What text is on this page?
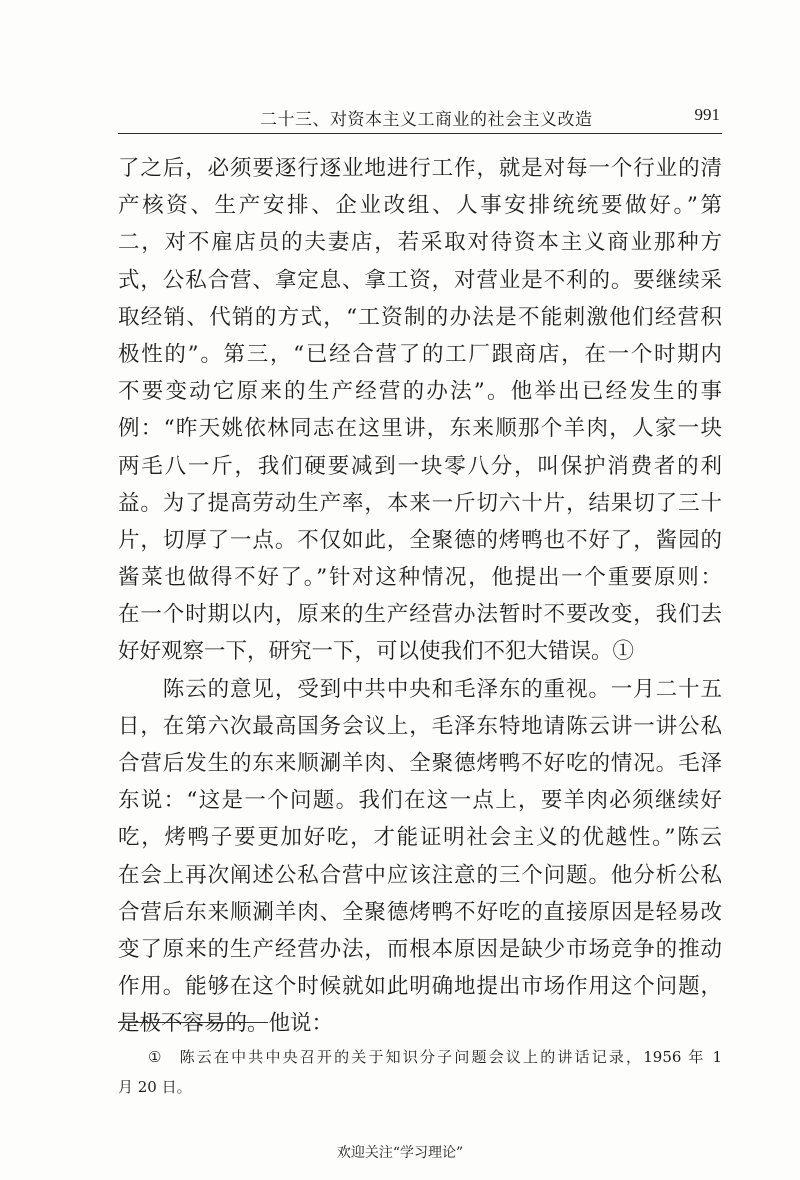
二十三、对资本主义工商业的社会主义改造	991
了之后，必须要逐行逐业地进行工作，就是对每一个行业的清
产核资、生产安排、企业改组、人事安排统统要做好。”第
二，对不雇店员的夫妻店，若采取对待资本主义商业那种方
式，公私合营、拿定息、拿工资，对营业是不利的。要继续采
取经销、代销的方式，“工资制的办法是不能刺激他们经营积
极性的”。第三，“已经合营了的工厂跟商店，在一个时期内
不要变动它原来的生产经营的办法”。他举出已经发生的事
例：“昨天姚依林同志在这里讲，东来顺那个羊肉，人家一块
两毛八一斤，我们硬要减到一块零八分，叫保护消费者的利
益。为了提高劳动生产率，本来一斤切六十片，结果切了三十
片，切厚了一点。不仅如此，全聚德的烤鸭也不好了，酱园的
酱菜也做得不好了。”针对这种情况，他提出一个重要原则：
在一个时期以内，原来的生产经营办法暂时不要改变，我们去
好好观察一下，研究一下，可以使我们不犯大错误。①
　　陈云的意见，受到中共中央和毛泽东的重视。一月二十五
日，在第六次最高国务会议上，毛泽东特地请陈云讲一讲公私
合营后发生的东来顺涮羊肉、全聚德烤鸭不好吃的情况。毛泽
东说：“这是一个问题。我们在这一点上，要羊肉必须继续好
吃，烤鸭子要更加好吃，才能证明社会主义的优越性。”陈云
在会上再次阐述公私合营中应该注意的三个问题。他分析公私
合营后东来顺涮羊肉、全聚德烤鸭不好吃的直接原因是轻易改
变了原来的生产经营办法，而根本原因是缺少市场竞争的推动
作用。能够在这个时候就如此明确地提出市场作用这个问题，
是极不容易的。他说：
① 陈云在中共中央召开的关于知识分子问题会议上的讲话记录，1956 年 1
月 20 日。
欢迎关注“学习理论”
